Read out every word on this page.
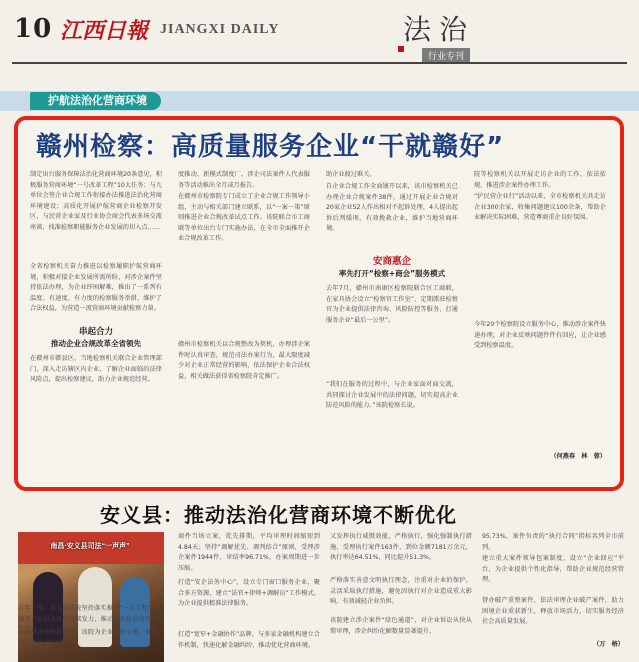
10 江西日報 JIANGXI DAILY	法治
行业专刊
护航法治化营商环境
赣州检察：高质量服务企业“干就赣好”
制定出台服务保障法治化营商环境20条意见，积极服务营商环境“一号改革工程”10大任务；与九单位会签企业合规工作衔接办法推进法治化营商环境建设；高质化开展护航营商企业检察开发区，与民营企业家及行业协会商会代表多场交流座谈，找准检察职能服务企业发展的切入点……
全省检察机关奋力推进以检察履职护航营商环境，积极对接企业发展所需所盼，对涉企案件坚持依法办理，为企业纾困解难，推出了一系列有温度、有速度、有力度的检察服务举措，维护了合法权益，为营造一流营商环境贡献检察力量。
串起合力
推动企业合规改革全省领先
在赣州市赣县区，当地检察机关联合企业管理部门，深入走访辖区内企业，了解企业面临的法律风险点，提出检察建议，助力企业规范经营。
度推动、新模式制度厂、涉企司法案件人代表服务等活动推出全月或月报告。
在赣州市检察院专门成立了企业合规工作领导小组，主动与相关部门建立联系，以“一案一策”原则推进企业合规改革试点工作。该院联合市工商联等单位出台专门实施办法，在全市全面推开企业合规改革工作。
赣州市检察机关以合规整改为契机，办理涉企案件时认真审查，规范司法办案行为，最大限度减少对企业正常经营的影响，依法保护企业合法权益，相关做法获得省检察院肯定推广。
助企业渡过难关。
自企业合规工作全面铺开以来，该市检察机关已办理企业合规案件38件，通过开展企业合规对20家企业52人作出相对不起诉处理，4人提出起诉后判缓刑，有效挽救企业，维护当地营商环境。
安商惠企
率先打开“检察+商会”服务模式
去年7月，赣州市南康区检察院联合区工商联，在家具协会设立“检察官工作室”，定期派驻检察官为企业提供法律咨询、风险防控等服务，打通服务企业“最后一公里”。
“我们在服务的过程中，与企业家面对面交流，共同探讨企业发展中的法律问题，切实提高企业防范风险的能力。”该院检察长说。
院等检察机关以开展走访企业的工作，依法依规、推进涉企案件办理工作。
“护民营企业行”活动以来，全市检察机关共走访企业300余家，收集问题建议100余条，帮助企业解决实际困难，营造尊商重企良好氛围。
今年20个检察院设立服务中心，推动涉企案件快速办理，对企业反映问题件件有回应，让企业感受到检察温度。
（何燕春　林　蓉）
安义县：推动法治化营商环境不断优化
南昌·安义县司法“一声声”
去年一年，安义县法院坚持落实推进“一号工程”，在服务企业的各环节持续发力，推动法治化营商环境不
高规格企业诉讼服务，该院为企业提供立案、调解、送达一站式服务。
商件当场立案，优先排期，平均审理时间缩短到4.84天；坚持“调解优先、调判结合”原则，受理涉企案件1944件，审结率96.71%，办案周期进一步压缩。
打造“安企法务中心”，设立专门窗口服务企业，聚合多方资源，建立“法官+律师+调解员”工作模式，为企业提供精准法律服务。
打造“宽窄+金融协作”品牌，与多家金融机构建立合作机制，快速化解金融纠纷，推动优化营商环境。
又发挥执行威慑效能，严格执行，强化强制执行措施，受理执行案件163件，到位金额7181万余元，执行率达64.51%，同比提升51.3%。
严格落实善意文明执行理念，注重对企业的保护，灵活采取执行措施，避免因执行对企业造成重大影响，有效减轻企业负担。
该院建立涉企案件“绿色通道”，对企业诉讼从快从简审理，涉企纠纷化解数量显著提升。
95.73%，案件负责的“执行合同”指标名列全市前列。
建立重大案件领导包案制度，设立“企业回应”平台，为企业提供个性化指导，帮助企业规范经营管理。
督办破产重整案件，依法审理企业破产案件，助力困境企业重获新生，释放市场活力，切实服务经济社会高质量发展。
（万　格）
